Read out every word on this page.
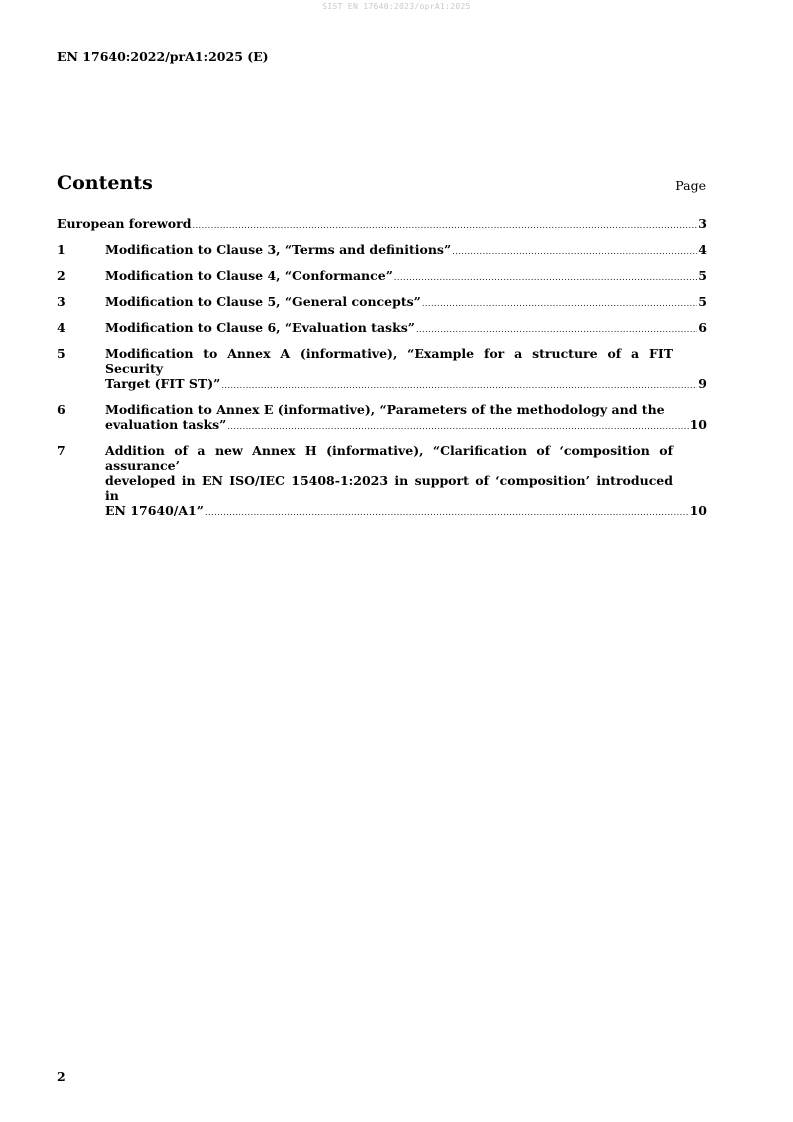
SIST EN 17640:2023/oprA1:2025
EN 17640:2022/prA1:2025 (E)
Contents	Page
European foreword .....	3
1	Modification to Clause 3, “Terms and definitions” .....	4
2	Modification to Clause 4, “Conformance” .....	5
3	Modification to Clause 5, “General concepts” .....	5
4	Modification to Clause 6, “Evaluation tasks” .....	6
5	Modification to Annex A (informative), “Example for a structure of a FIT Security
Target (FIT ST)” .....	9
6	Modification to Annex E (informative), “Parameters of the methodology and the
evaluation tasks” .....	10
7	Addition of a new Annex H (informative), “Clarification of ‘composition of assurance’
developed in EN ISO/IEC 15408-1:2023 in support of ‘composition’ introduced in
EN 17640/A1” .....	10
2
